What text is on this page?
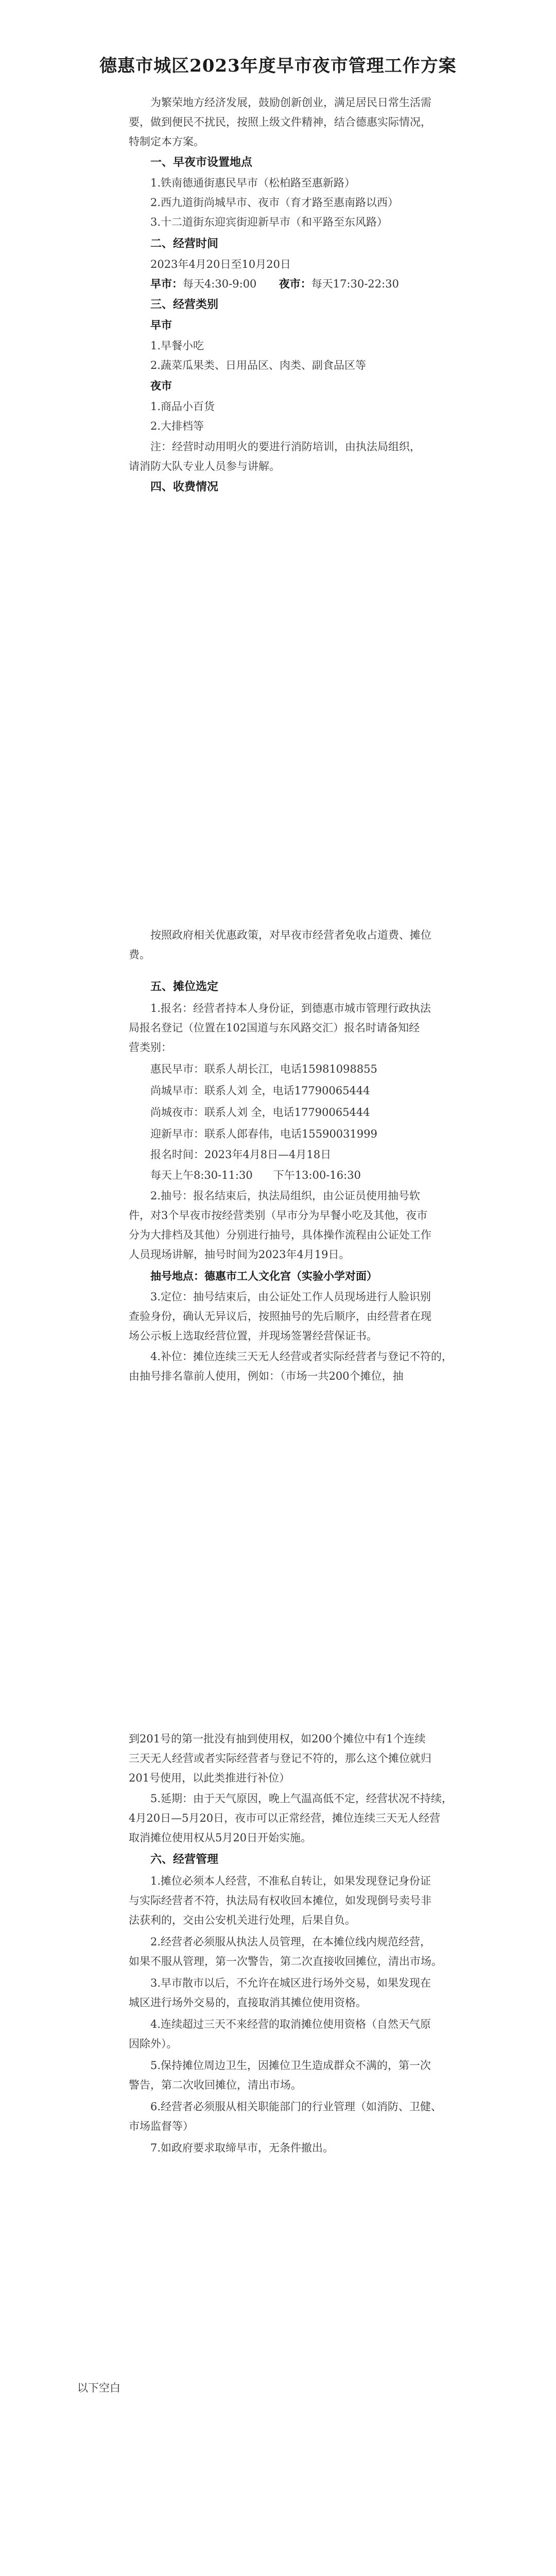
德惠市城区2023年度早市夜市管理工作方案
为繁荣地方经济发展，鼓励创新创业，满足居民日常生活需
要，做到便民不扰民，按照上级文件精神，结合德惠实际情况，
特制定本方案。
一、早夜市设置地点
1.铁南德通街惠民早市（松柏路至惠新路）
2.西九道街尚城早市、夜市（育才路至惠南路以西）
3.十二道街东迎宾街迎新早市（和平路至东风路）
二、经营时间
2023年4月20日至10月20日
早市：每天4:30-9:00 夜市：每天17:30-22:30
三、经营类别
早市
1.早餐小吃
2.蔬菜瓜果类、日用品区、肉类、副食品区等
夜市
1.商品小百货
2.大排档等
注：经营时动用明火的要进行消防培训，由执法局组织，
请消防大队专业人员参与讲解。
四、收费情况
按照政府相关优惠政策，对早夜市经营者免收占道费、摊位
费。
五、摊位选定
1.报名：经营者持本人身份证，到德惠市城市管理行政执法
局报名登记（位置在102国道与东风路交汇）报名时请备知经
营类别：
惠民早市：联系人胡长江，电话15981098855
尚城早市：联系人刘 全，电话17790065444
尚城夜市：联系人刘 全，电话17790065444
迎新早市：联系人郎春伟，电话15590031999
报名时间：2023年4月8日—4月18日
每天上午8:30-11:30      下午13:00-16:30
2.抽号：报名结束后，执法局组织，由公证员使用抽号软
件，对3个早夜市按经营类别（早市分为早餐小吃及其他，夜市
分为大排档及其他）分别进行抽号，具体操作流程由公证处工作
人员现场讲解，抽号时间为2023年4月19日。
抽号地点：德惠市工人文化宫（实验小学对面）
3.定位：抽号结束后，由公证处工作人员现场进行人脸识别
查验身份，确认无异议后，按照抽号的先后顺序，由经营者在现
场公示板上选取经营位置，并现场签署经营保证书。
4.补位：摊位连续三天无人经营或者实际经营者与登记不符的，
由抽号排名靠前人使用，例如：（市场一共200个摊位，抽
到201号的第一批没有抽到使用权，如200个摊位中有1个连续
三天无人经营或者实际经营者与登记不符的，那么这个摊位就归
201号使用，以此类推进行补位）
5.延期：由于天气原因，晚上气温高低不定，经营状况不持续，
4月20日—5月20日，夜市可以正常经营，摊位连续三天无人经营
取消摊位使用权从5月20日开始实施。
六、经营管理
1.摊位必须本人经营，不准私自转让，如果发现登记身份证
与实际经营者不符，执法局有权收回本摊位，如发现倒号卖号非
法获利的，交由公安机关进行处理，后果自负。
2.经营者必须服从执法人员管理，在本摊位线内规范经营，
如果不服从管理，第一次警告，第二次直接收回摊位，清出市场。
3.早市散市以后，不允许在城区进行场外交易，如果发现在
城区进行场外交易的，直接取消其摊位使用资格。
4.连续超过三天不来经营的取消摊位使用资格（自然天气原
因除外）。
5.保持摊位周边卫生，因摊位卫生造成群众不满的，第一次
警告，第二次收回摊位，清出市场。
6.经营者必须服从相关职能部门的行业管理（如消防、卫健、
市场监督等）
7.如政府要求取缔早市，无条件撤出。
以下空白
